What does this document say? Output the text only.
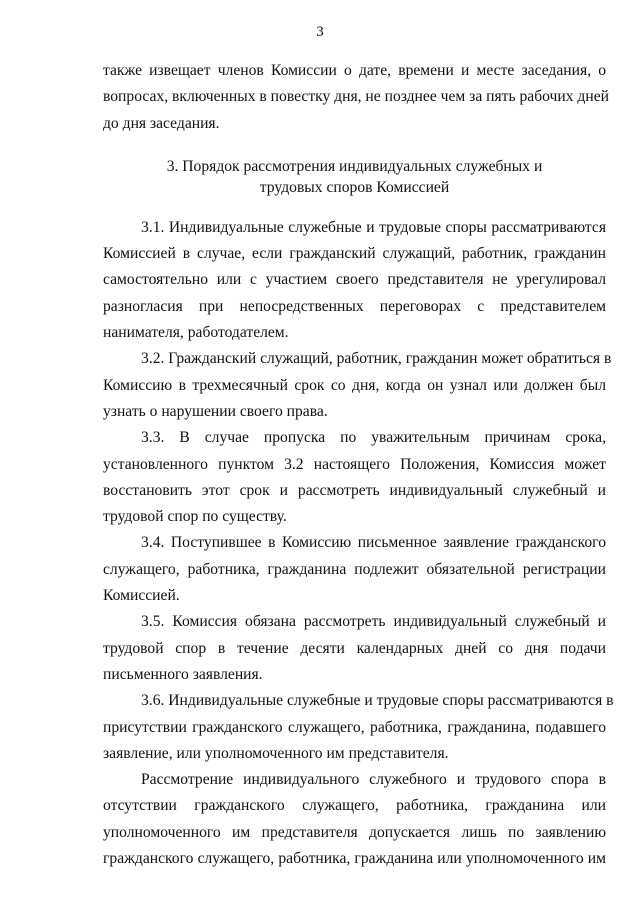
3
также извещает членов Комиссии о дате, времени и месте заседания, о
вопросах, включенных в повестку дня, не позднее чем за пять рабочих дней
до дня заседания.
3. Порядок рассмотрения индивидуальных служебных и
трудовых споров Комиссией
3.1. Индивидуальные служебные и трудовые споры рассматриваются
Комиссией в случае, если гражданский служащий, работник, гражданин
самостоятельно или с участием своего представителя не урегулировал
разногласия при непосредственных переговорах с представителем
нанимателя, работодателем.
3.2. Гражданский служащий, работник, гражданин может обратиться в
Комиссию в трехмесячный срок со дня, когда он узнал или должен был
узнать о нарушении своего права.
3.3. В случае пропуска по уважительным причинам срока,
установленного пунктом 3.2 настоящего Положения, Комиссия может
восстановить этот срок и рассмотреть индивидуальный служебный и
трудовой спор по существу.
3.4. Поступившее в Комиссию письменное заявление гражданского
служащего, работника, гражданина подлежит обязательной регистрации
Комиссией.
3.5. Комиссия обязана рассмотреть индивидуальный служебный и
трудовой спор в течение десяти календарных дней со дня подачи
письменного заявления.
3.6. Индивидуальные служебные и трудовые споры рассматриваются в
присутствии гражданского служащего, работника, гражданина, подавшего
заявление, или уполномоченного им представителя.
Рассмотрение индивидуального служебного и трудового спора в
отсутствии гражданского служащего, работника, гражданина или
уполномоченного им представителя допускается лишь по заявлению
гражданского служащего, работника, гражданина или уполномоченного им
